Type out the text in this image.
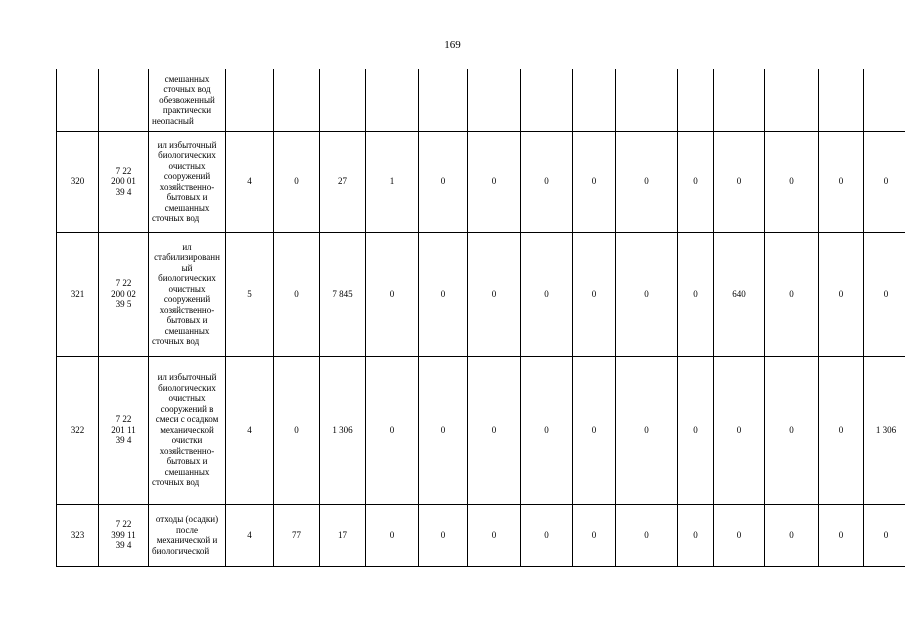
169

		смешанных сточных вод обезвоженный практически неопасный														

320	7 22
200 01
39 4	ил избыточный биологических очистных сооружений хозяйственно-бытовых и смешанных сточных вод	4	0	27	1	0	0	0	0	0	0	0	0	0	0
321	7 22
200 02
39 5	ил стабилизированный биологических очистных сооружений хозяйственно-бытовых и смешанных сточных вод	5	0	7 845	0	0	0	0	0	0	0	640	0	0	0
322	7 22
201 11
39 4	ил избыточный биологических очистных сооружений в смеси с осадком механической очистки хозяйственно-бытовых и смешанных сточных вод	4	0	1 306	0	0	0	0	0	0	0	0	0	0	1 306
323	7 22
399 11
39 4	отходы (осадки) после механической и биологической	4	77	17	0	0	0	0	0	0	0	0	0	0	0
